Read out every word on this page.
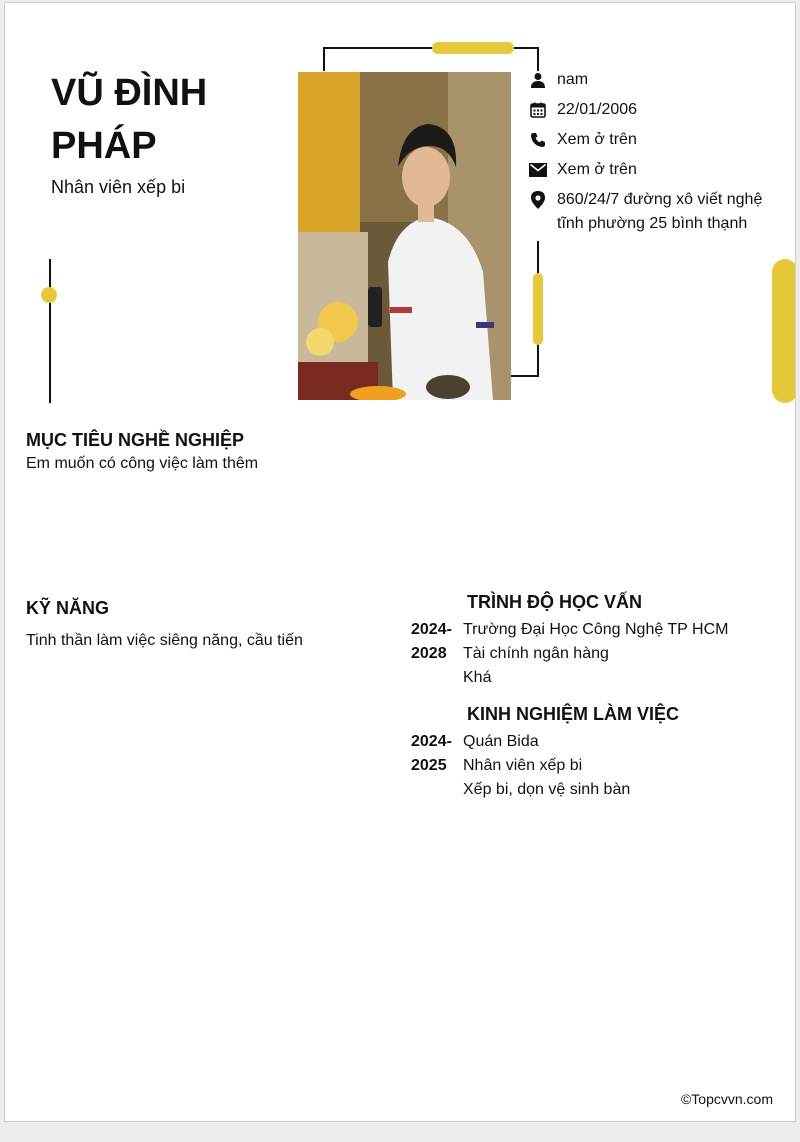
VŨ ĐÌNH PHÁP
Nhân viên xếp bi
nam
22/01/2006
Xem ở trên
Xem ở trên
860/24/7 đường xô viết nghệ tĩnh phường 25 bình thạnh
MỤC TIÊU NGHỀ NGHIỆP
Em muốn có công việc làm thêm
KỸ NĂNG
Tinh thần làm việc siêng năng, cầu tiến
TRÌNH ĐỘ HỌC VẤN
2024-
2028
Trường Đại Học Công Nghệ TP HCM
Tài chính ngân hàng
Khá
KINH NGHIỆM LÀM VIỆC
2024-
2025
Quán Bida
Nhân viên xếp bi
Xếp bi, dọn vệ sinh bàn
©Topcvvn.com
